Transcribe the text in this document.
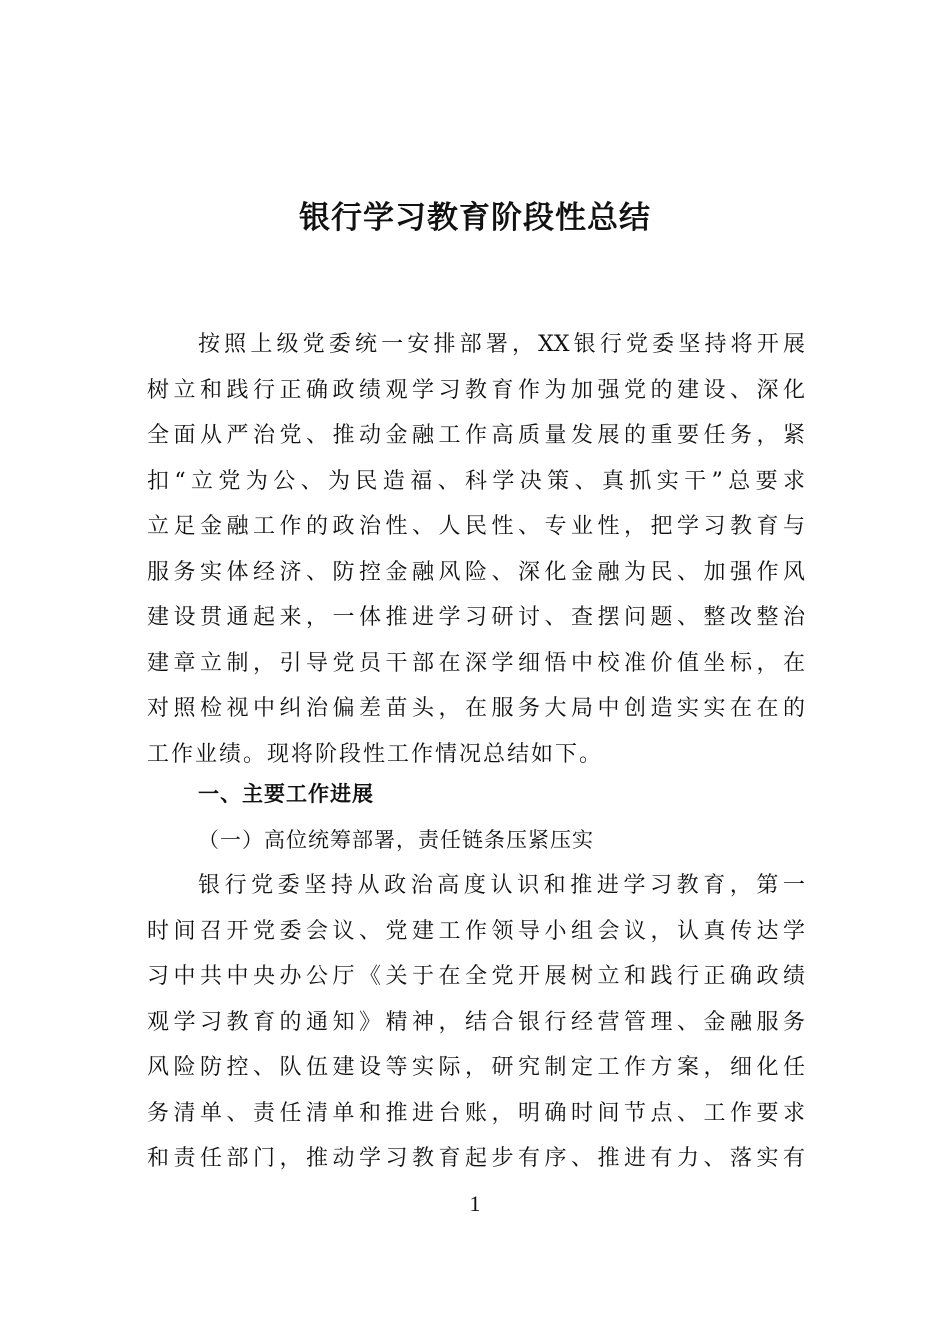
银行学习教育阶段性总结
按照上级党委统一安排部署，XX银行党委坚持将开展
树立和践行正确政绩观学习教育作为加强党的建设、深化
全面从严治党、推动金融工作高质量发展的重要任务，紧
扣“立党为公、为民造福、科学决策、真抓实干”总要求
立足金融工作的政治性、人民性、专业性，把学习教育与
服务实体经济、防控金融风险、深化金融为民、加强作风
建设贯通起来，一体推进学习研讨、查摆问题、整改整治
建章立制，引导党员干部在深学细悟中校准价值坐标，在
对照检视中纠治偏差苗头，在服务大局中创造实实在在的
工作业绩。现将阶段性工作情况总结如下。
一、主要工作进展
（一）高位统筹部署，责任链条压紧压实
银行党委坚持从政治高度认识和推进学习教育，第一
时间召开党委会议、党建工作领导小组会议，认真传达学
习中共中央办公厅《关于在全党开展树立和践行正确政绩
观学习教育的通知》精神，结合银行经营管理、金融服务
风险防控、队伍建设等实际，研究制定工作方案，细化任
务清单、责任清单和推进台账，明确时间节点、工作要求
和责任部门，推动学习教育起步有序、推进有力、落实有
1
